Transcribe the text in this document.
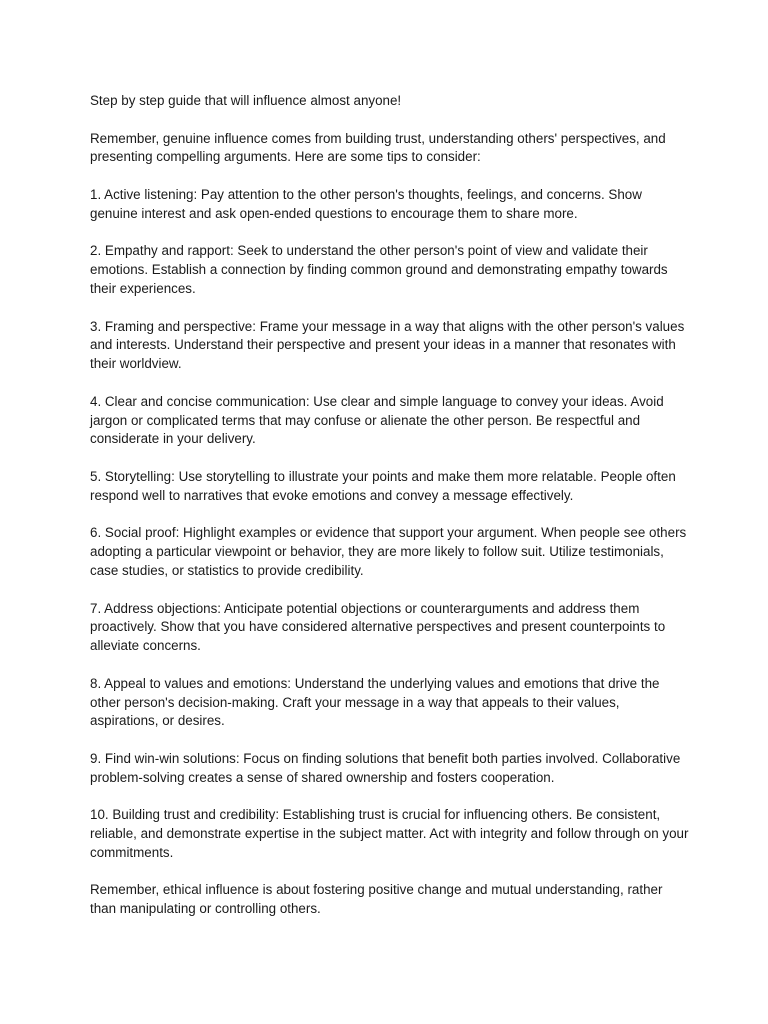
Step by step guide that will influence almost anyone!

Remember, genuine influence comes from building trust, understanding others' perspectives, and presenting compelling arguments. Here are some tips to consider:

1. Active listening: Pay attention to the other person's thoughts, feelings, and concerns. Show genuine interest and ask open-ended questions to encourage them to share more.

2. Empathy and rapport: Seek to understand the other person's point of view and validate their emotions. Establish a connection by finding common ground and demonstrating empathy towards their experiences.

3. Framing and perspective: Frame your message in a way that aligns with the other person's values and interests. Understand their perspective and present your ideas in a manner that resonates with their worldview.

4. Clear and concise communication: Use clear and simple language to convey your ideas. Avoid jargon or complicated terms that may confuse or alienate the other person. Be respectful and considerate in your delivery.

5. Storytelling: Use storytelling to illustrate your points and make them more relatable. People often respond well to narratives that evoke emotions and convey a message effectively.

6. Social proof: Highlight examples or evidence that support your argument. When people see others adopting a particular viewpoint or behavior, they are more likely to follow suit. Utilize testimonials, case studies, or statistics to provide credibility.

7. Address objections: Anticipate potential objections or counterarguments and address them proactively. Show that you have considered alternative perspectives and present counterpoints to alleviate concerns.

8. Appeal to values and emotions: Understand the underlying values and emotions that drive the other person's decision-making. Craft your message in a way that appeals to their values, aspirations, or desires.

9. Find win-win solutions: Focus on finding solutions that benefit both parties involved. Collaborative problem-solving creates a sense of shared ownership and fosters cooperation.

10. Building trust and credibility: Establishing trust is crucial for influencing others. Be consistent, reliable, and demonstrate expertise in the subject matter. Act with integrity and follow through on your commitments.

Remember, ethical influence is about fostering positive change and mutual understanding, rather than manipulating or controlling others.
